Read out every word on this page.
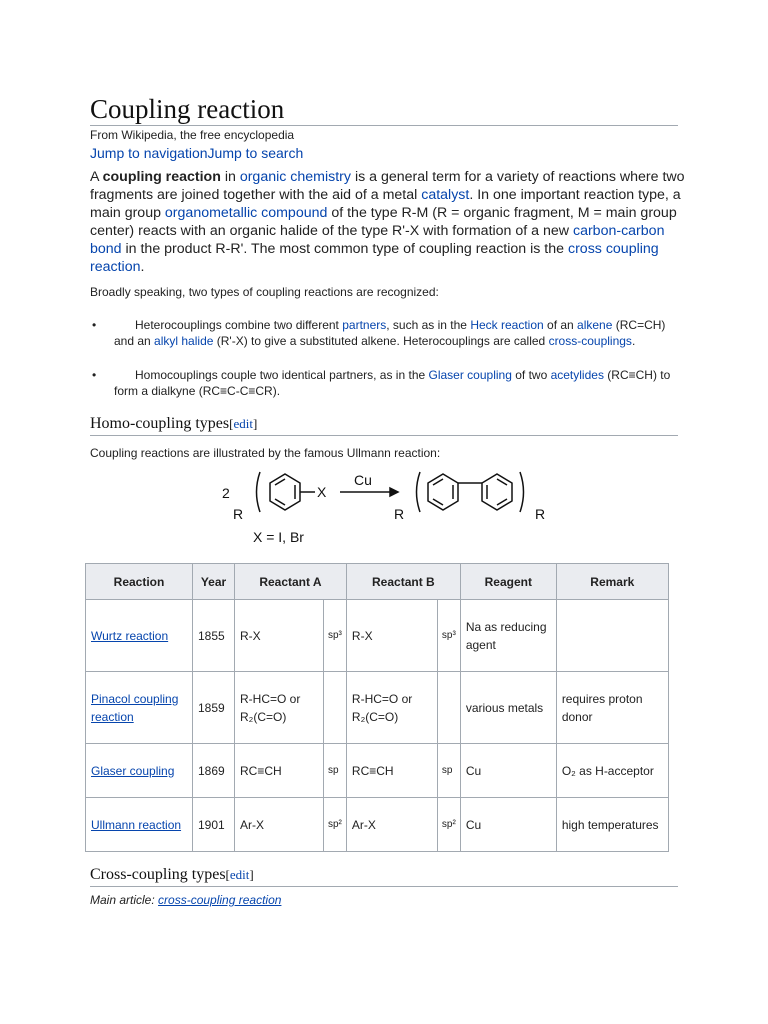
Coupling reaction
From Wikipedia, the free encyclopedia
Jump to navigationJump to search

A coupling reaction in organic chemistry is a general term for a variety of reactions where two fragments are joined together with the aid of a metal catalyst. In one important reaction type, a main group organometallic compound of the type R-M (R = organic fragment, M = main group center) reacts with an organic halide of the type R'-X with formation of a new carbon-carbon bond in the product R-R'. The most common type of coupling reaction is the cross coupling reaction.

Broadly speaking, two types of coupling reactions are recognized:
•	Heterocouplings combine two different partners, such as in the Heck reaction of an alkene (RC=CH) and an alkyl halide (R'-X) to give a substituted alkene. Heterocouplings are called cross-couplings.

•	Homocouplings couple two identical partners, as in the Glaser coupling of two acetylides (RC≡CH) to form a dialkyne (RC≡C-C≡CR).

Homo-coupling types[edit]
Coupling reactions are illustrated by the famous Ullmann reaction:
2	X
R
Cu
R	R
X = I, Br
Reaction	Year	Reactant A		Reactant B		Reagent	Remark
Wurtz reaction	1855	R-X	sp³	R-X	sp³	Na as reducing agent	
Pinacol coupling reaction	1859	R-HC=O or R₂(C=O)		R-HC=O or R₂(C=O)		various metals	requires proton donor
Glaser coupling	1869	RC≡CH	sp	RC≡CH	sp	Cu	O₂ as H-acceptor
Ullmann reaction	1901	Ar-X	sp²	Ar-X	sp²	Cu	high temperatures
Cross-coupling types[edit]
Main article: cross-coupling reaction
